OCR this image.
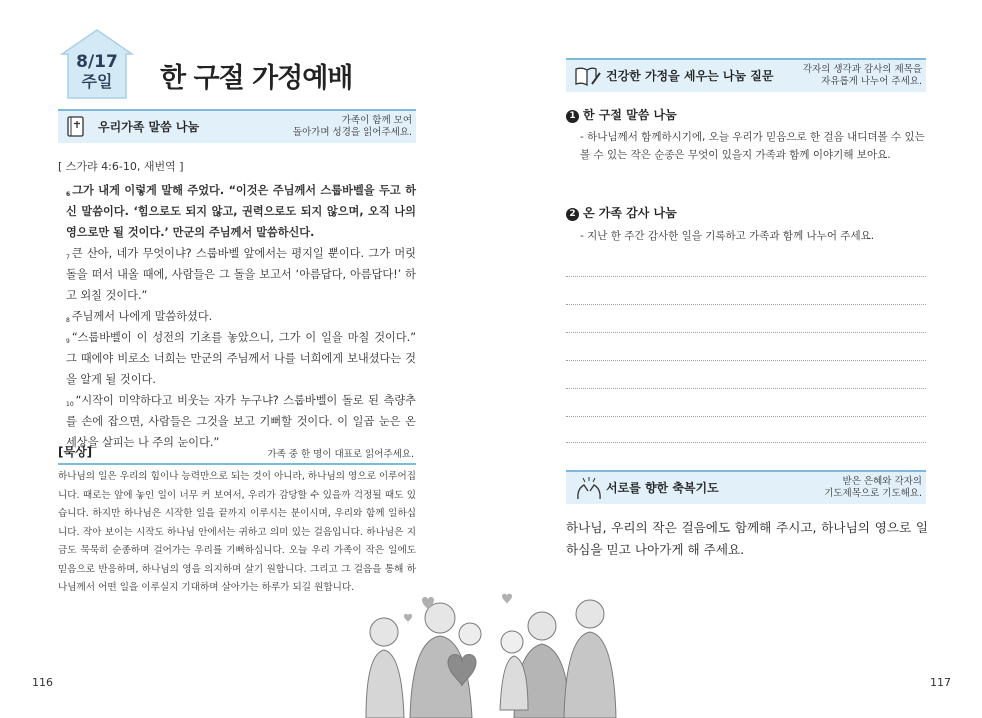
8/17
주일	한 구절 가정예배
우리가족 말씀 나눔	가족이 함께 모여
돌아가며 성경을 읽어주세요.
[ 스가랴 4:6-10, 새번역 ]

$^6$ 그가 내게 이렇게 말해 주었다. “이것은 주님께서 스룹바벨을 두고 하신 말씀이다. ‘힘으로도 되지 않고, 권력으로도 되지 않으며, 오직 나의 영으로만 될 것이다.’ 만군의 주님께서 말씀하신다.

$^7$ 큰 산아, 네가 무엇이냐? 스룹바벨 앞에서는 평지일 뿐이다. 그가 머릿돌을 떠서 내올 때에, 사람들은 그 돌을 보고서 ‘아름답다, 아름답다!’ 하고 외칠 것이다.”

$^8$ 주님께서 나에게 말씀하셨다.

$^9$ “스룹바벨이 이 성전의 기초를 놓았으니, 그가 이 일을 마칠 것이다.” 그 때에야 비로소 너희는 만군의 주님께서 나를 너희에게 보내셨다는 것을 알게 될 것이다.

$^{10}$ “시작이 미약하다고 비웃는 자가 누구냐? 스룹바벨이 돌로 된 측량추를 손에 잡으면, 사람들은 그것을 보고 기뻐할 것이다. 이 일곱 눈은 온 세상을 살피는 나 주의 눈이다.”

[묵상]	가족 중 한 명이 대표로 읽어주세요.

하나님의 일은 우리의 힘이나 능력만으로 되는 것이 아니라, 하나님의 영으로 이루어집니다. 때로는 앞에 놓인 일이 너무 커 보여서, 우리가 감당할 수 있을까 걱정될 때도 있습니다. 하지만 하나님은 시작한 일을 끝까지 이루시는 분이시며, 우리와 함께 일하십니다. 작아 보이는 시작도 하나님 안에서는 귀하고 의미 있는 걸음입니다. 하나님은 지금도 묵묵히 순종하며 걸어가는 우리를 기뻐하십니다. 오늘 우리 가족이 작은 일에도 믿음으로 반응하며, 하나님의 영을 의지하며 살기 원합니다. 그리고 그 걸음을 통해 하나님께서 어떤 일을 이루실지 기대하며 살아가는 하루가 되길 원합니다.

116
건강한 가정을 세우는 나눔 질문	각자의 생각과 감사의 제목을
자유롭게 나누어 주세요.
1 한 구절 말씀 나눔
- 하나님께서 함께하시기에, 오늘 우리가 믿음으로 한 걸음 내디뎌볼 수 있는 볼 수 있는 작은 순종은 무엇이 있을지 가족과 함께 이야기해 보아요.
2 온 가족 감사 나눔
- 지난 한 주간 감사한 일을 기록하고 가족과 함께 나누어 주세요.
서로를 향한 축복기도	받은 은혜와 각자의
기도제목으로 기도해요.

하나님, 우리의 작은 걸음에도 함께해 주시고, 하나님의 영으로 일하심을 믿고 나아가게 해 주세요.

117
